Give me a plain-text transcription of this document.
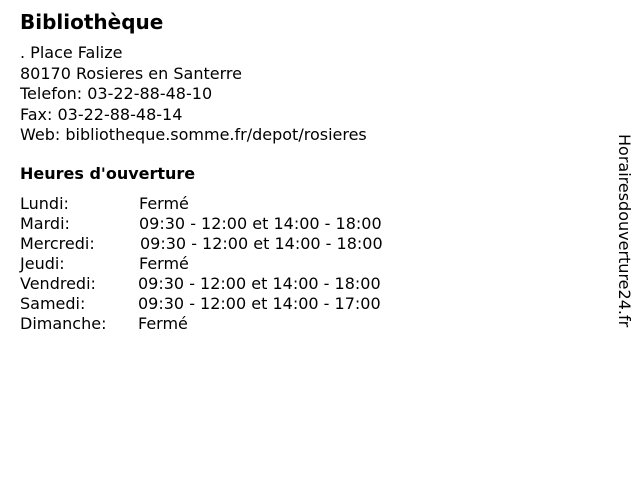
Bibliothèque
. Place Falize
80170 Rosieres en Santerre
Telefon: 03-22-88-48-10
Fax: 03-22-88-48-14
Web: bibliotheque.somme.fr/depot/rosieres
Heures d'ouverture
Lundi:	Fermé
Mardi:	09:30 - 12:00 et 14:00 - 18:00
Mercredi:	09:30 - 12:00 et 14:00 - 18:00
Jeudi:	Fermé
Vendredi:	09:30 - 12:00 et 14:00 - 18:00
Samedi:	09:30 - 12:00 et 14:00 - 17:00
Dimanche: Fermé	Horairesdouverture24.fr
